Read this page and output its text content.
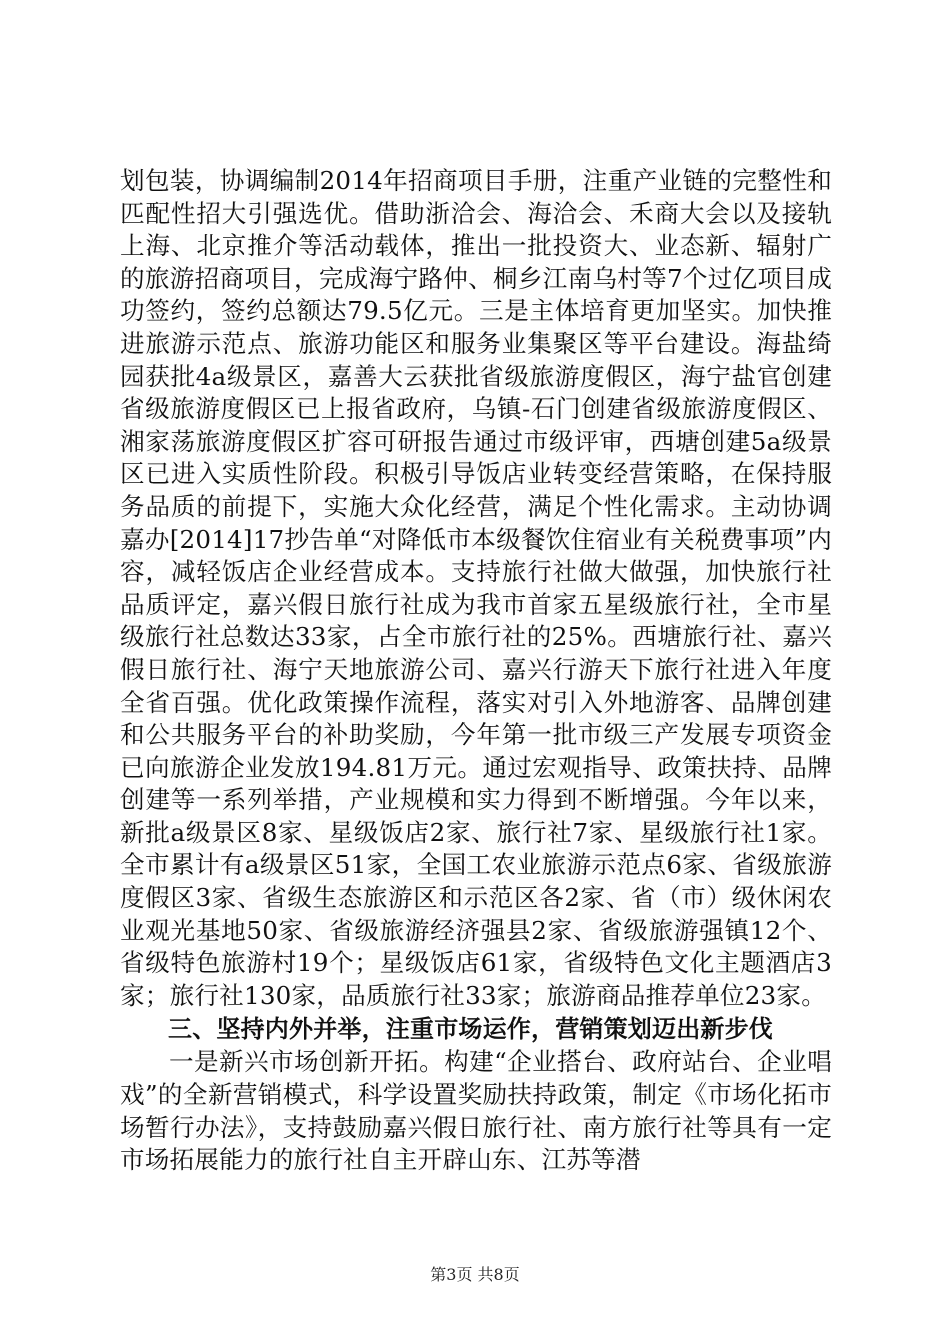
划包装，协调编制2014年招商项目手册，注重产业链的完整性和匹配性招大引强选优。借助浙洽会、海洽会、禾商大会以及接轨上海、北京推介等活动载体，推出一批投资大、业态新、辐射广的旅游招商项目，完成海宁路仲、桐乡江南乌村等7个过亿项目成功签约，签约总额达79.5亿元。三是主体培育更加坚实。加快推进旅游示范点、旅游功能区和服务业集聚区等平台建设。海盐绮园获批4a级景区，嘉善大云获批省级旅游度假区，海宁盐官创建省级旅游度假区已上报省政府，乌镇-石门创建省级旅游度假区、湘家荡旅游度假区扩容可研报告通过市级评审，西塘创建5a级景区已进入实质性阶段。积极引导饭店业转变经营策略，在保持服务品质的前提下，实施大众化经营，满足个性化需求。主动协调嘉办[2014]17抄告单“对降低市本级餐饮住宿业有关税费事项”内容，减轻饭店企业经营成本。支持旅行社做大做强，加快旅行社品质评定，嘉兴假日旅行社成为我市首家五星级旅行社，全市星级旅行社总数达33家，占全市旅行社的25%。西塘旅行社、嘉兴假日旅行社、海宁天地旅游公司、嘉兴行游天下旅行社进入年度全省百强。优化政策操作流程，落实对引入外地游客、品牌创建和公共服务平台的补助奖励，今年第一批市级三产发展专项资金已向旅游企业发放194.81万元。通过宏观指导、政策扶持、品牌创建等一系列举措，产业规模和实力得到不断增强。今年以来，新批a级景区8家、星级饭店2家、旅行社7家、星级旅行社1家。全市累计有a级景区51家，全国工农业旅游示范点6家、省级旅游度假区3家、省级生态旅游区和示范区各2家、省（市）级休闲农业观光基地50家、省级旅游经济强县2家、省级旅游强镇12个、省级特色旅游村19个；星级饭店61家，省级特色文化主题酒店3家；旅行社130家，品质旅行社33家；旅游商品推荐单位23家。

三、坚持内外并举，注重市场运作，营销策划迈出新步伐

一是新兴市场创新开拓。构建“企业搭台、政府站台、企业唱戏”的全新营销模式，科学设置奖励扶持政策，制定《市场化拓市场暂行办法》，支持鼓励嘉兴假日旅行社、南方旅行社等具有一定市场拓展能力的旅行社自主开辟山东、江苏等潜

第3页 共8页
